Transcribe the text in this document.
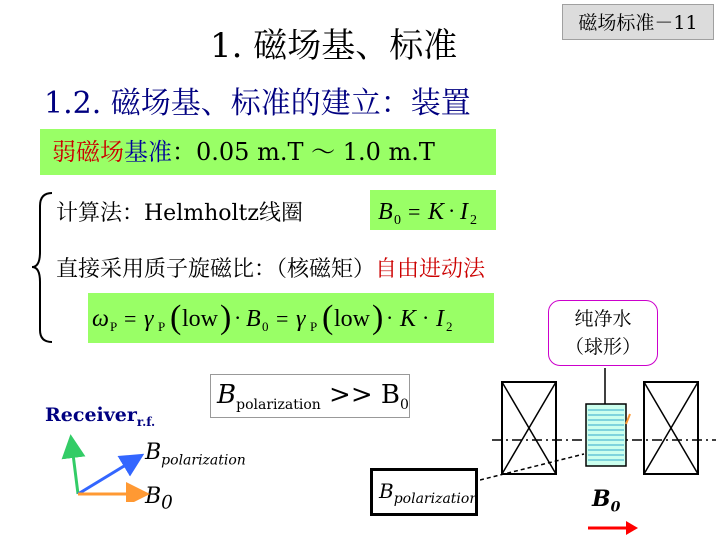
1. 磁场基、标准
磁场标准－11
1.2. 磁场基、标准的建立：装置
弱磁场基准：0.05 m.T ～ 1.0 m.T
计算法：Helmholtz线圈	B 0 = K · I 2
直接采用质子旋磁比：（核磁矩）自由进动法
ω P = γ P ( low ) · B 0 = γ P ( low ) · K · I 2	纯净水
（球形）
Receiver$_{r.f.}$
$B_{polarization} >> B_0$
$B_{polarization}$
$B_0$	$B_{polarization}$	$B_0$
